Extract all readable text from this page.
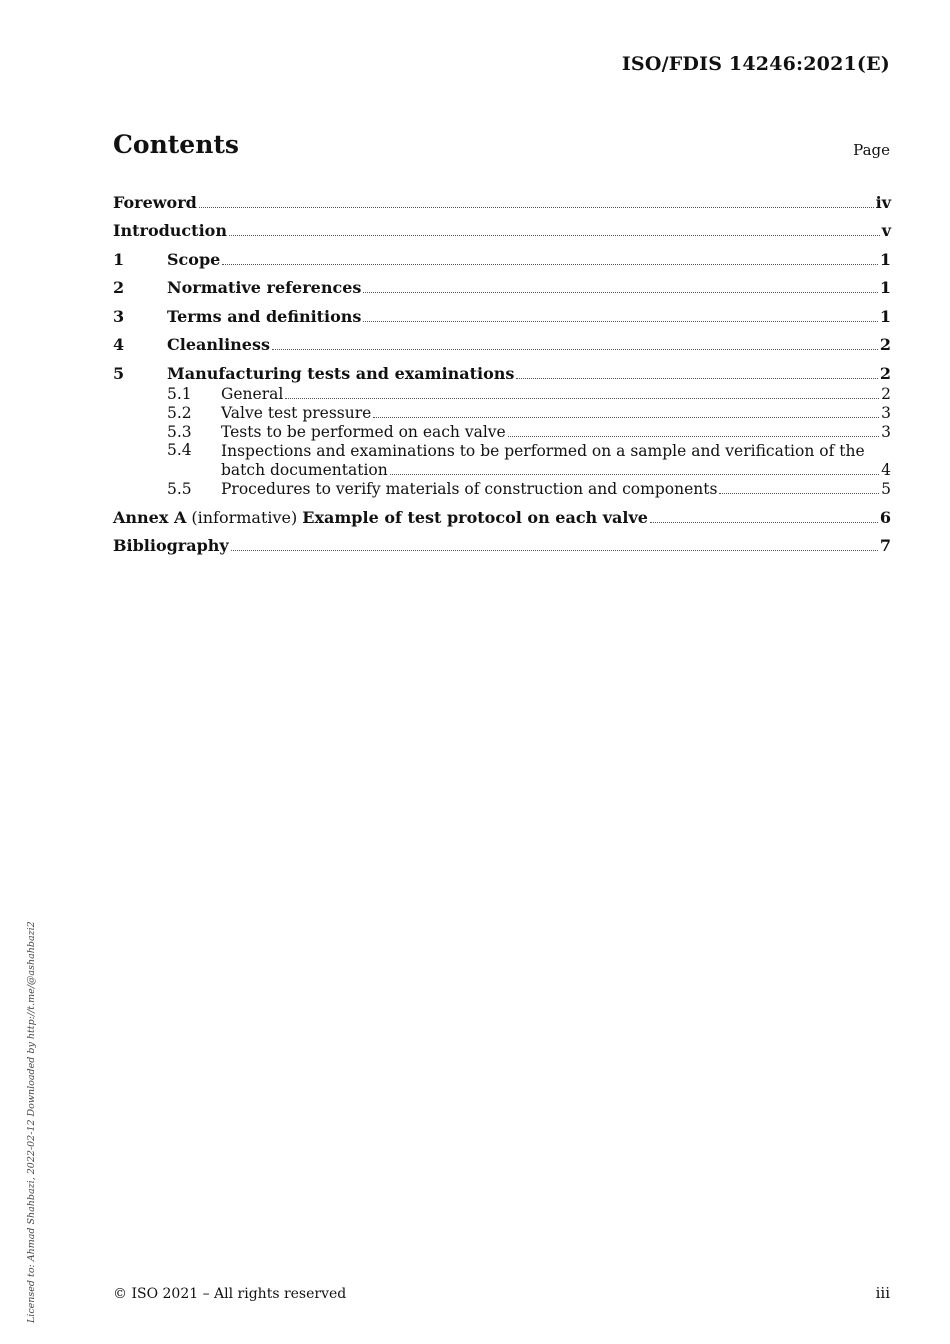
ISO/FDIS 14246:2021(E)
Contents	Page
Foreword	iv
Introduction	v
1	Scope	1
2	Normative references	1
3	Terms and definitions	1
4	Cleanliness	2
5	Manufacturing tests and examinations	2
5.1	General	2
5.2	Valve test pressure	3
5.3	Tests to be performed on each valve	3
5.4	Inspections and examinations to be performed on a sample and verification of the
batch documentation	4
5.5	Procedures to verify materials of construction and components	5
Annex A (informative) Example of test protocol on each valve	6
Bibliography	7
Licensed to: Ahmad Shahbazi, 2022-02-12 Downloaded by http://t.me/@ashahbazi2	© ISO 2021 – All rights reserved	iii
